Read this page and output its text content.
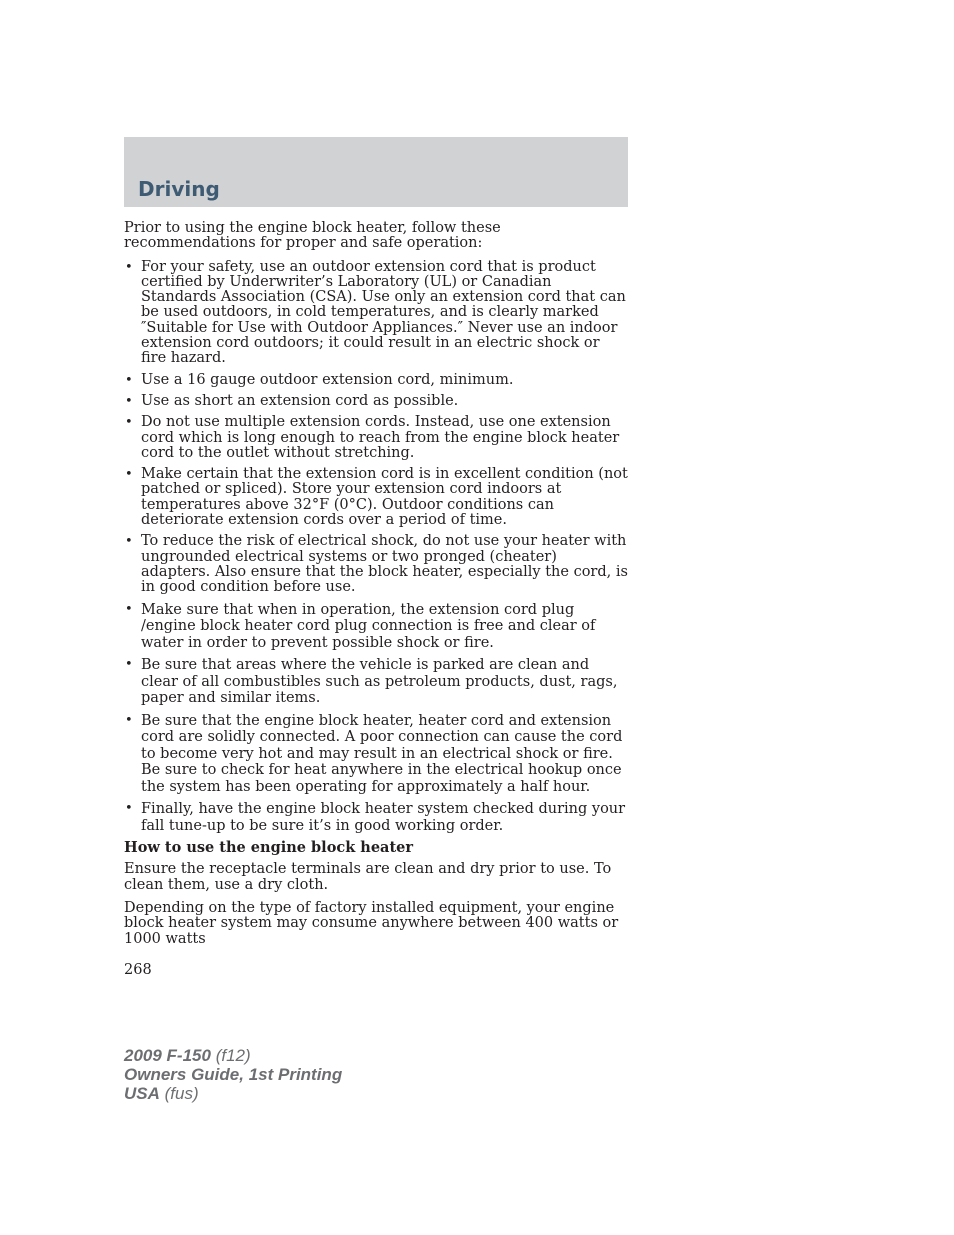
Driving

Prior to using the engine block heater, follow these recommendations for proper and safe operation:

• For your safety, use an outdoor extension cord that is product certified by Underwriter’s Laboratory (UL) or Canadian Standards Association (CSA). Use only an extension cord that can be used outdoors, in cold temperatures, and is clearly marked ″Suitable for Use with Outdoor Appliances.″ Never use an indoor extension cord outdoors; it could result in an electric shock or fire hazard.
• Use a 16 gauge outdoor extension cord, minimum.
• Use as short an extension cord as possible.
• Do not use multiple extension cords. Instead, use one extension cord which is long enough to reach from the engine block heater cord to the outlet without stretching.
• Make certain that the extension cord is in excellent condition (not patched or spliced). Store your extension cord indoors at temperatures above 32°F (0°C). Outdoor conditions can deteriorate extension cords over a period of time.
• To reduce the risk of electrical shock, do not use your heater with ungrounded electrical systems or two pronged (cheater) adapters. Also ensure that the block heater, especially the cord, is in good condition before use.
• Make sure that when in operation, the extension cord plug /engine block heater cord plug connection is free and clear of water in order to prevent possible shock or fire.
• Be sure that areas where the vehicle is parked are clean and clear of all combustibles such as petroleum products, dust, rags, paper and similar items.
• Be sure that the engine block heater, heater cord and extension cord are solidly connected. A poor connection can cause the cord to become very hot and may result in an electrical shock or fire. Be sure to check for heat anywhere in the electrical hookup once the system has been operating for approximately a half hour.
• Finally, have the engine block heater system checked during your fall tune-up to be sure it’s in good working order.

How to use the engine block heater

Ensure the receptacle terminals are clean and dry prior to use. To clean them, use a dry cloth.

Depending on the type of factory installed equipment, your engine block heater system may consume anywhere between 400 watts or 1000 watts

268

2009 F-150 (f12)
Owners Guide, 1st Printing
USA (fus)
